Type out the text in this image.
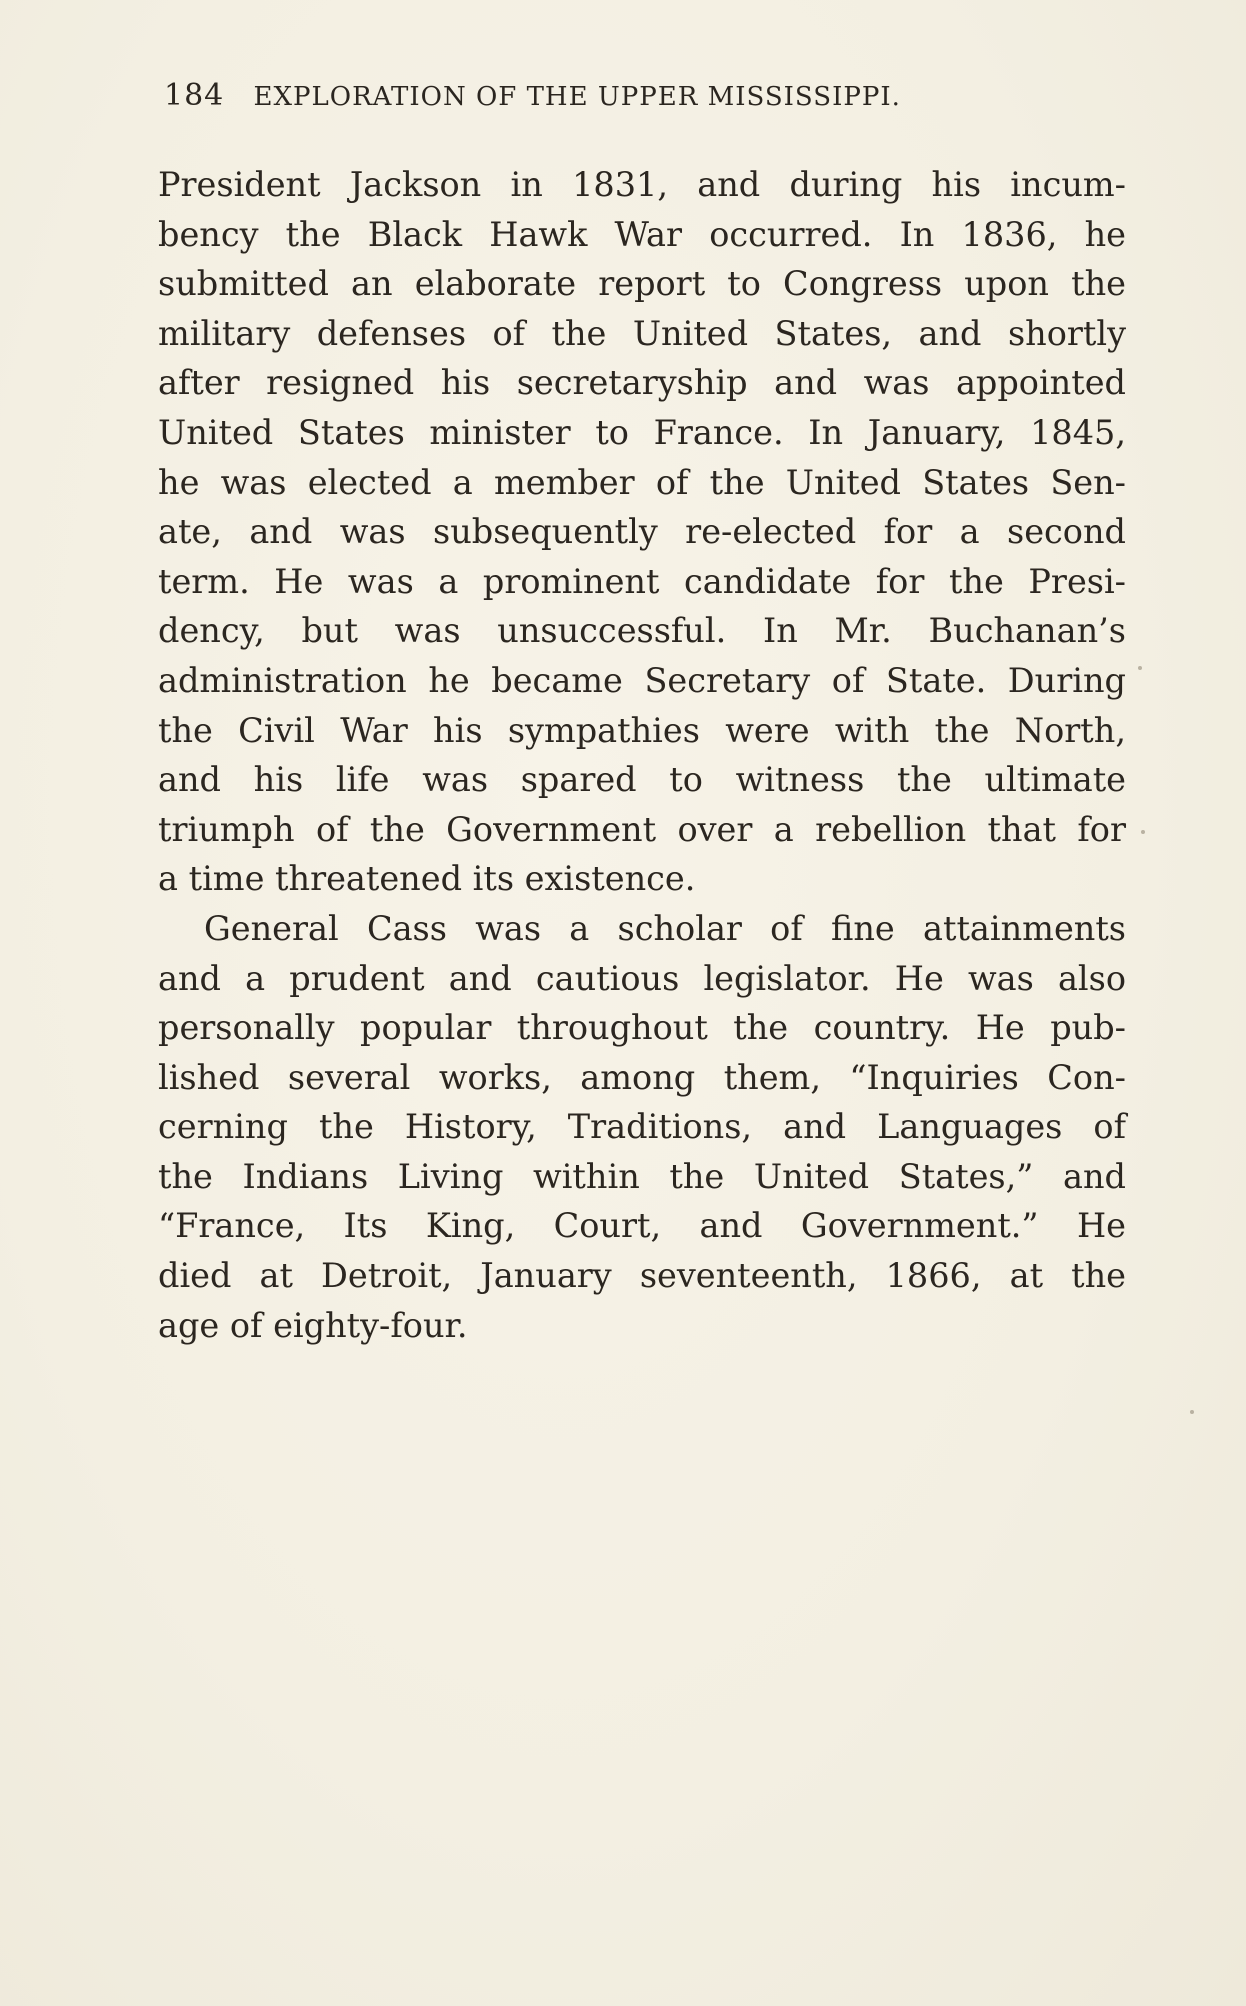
184 EXPLORATION OF THE UPPER MISSISSIPPI.
President Jackson in 1831, and during his incum-
bency the Black Hawk War occurred. In 1836, he
submitted an elaborate report to Congress upon the
military defenses of the United States, and shortly
after resigned his secretaryship and was appointed
United States minister to France. In January, 1845,
he was elected a member of the United States Sen-
ate, and was subsequently re-elected for a second
term. He was a prominent candidate for the Presi-
dency, but was unsuccessful. In Mr. Buchanan’s
administration he became Secretary of State. During
the Civil War his sympathies were with the North,
and his life was spared to witness the ultimate
triumph of the Government over a rebellion that for
a time threatened its existence.
General Cass was a scholar of fine attainments
and a prudent and cautious legislator. He was also
personally popular throughout the country. He pub-
lished several works, among them, “Inquiries Con-
cerning the History, Traditions, and Languages of
the Indians Living within the United States,” and
“France, Its King, Court, and Government.” He
died at Detroit, January seventeenth, 1866, at the
age of eighty-four.
